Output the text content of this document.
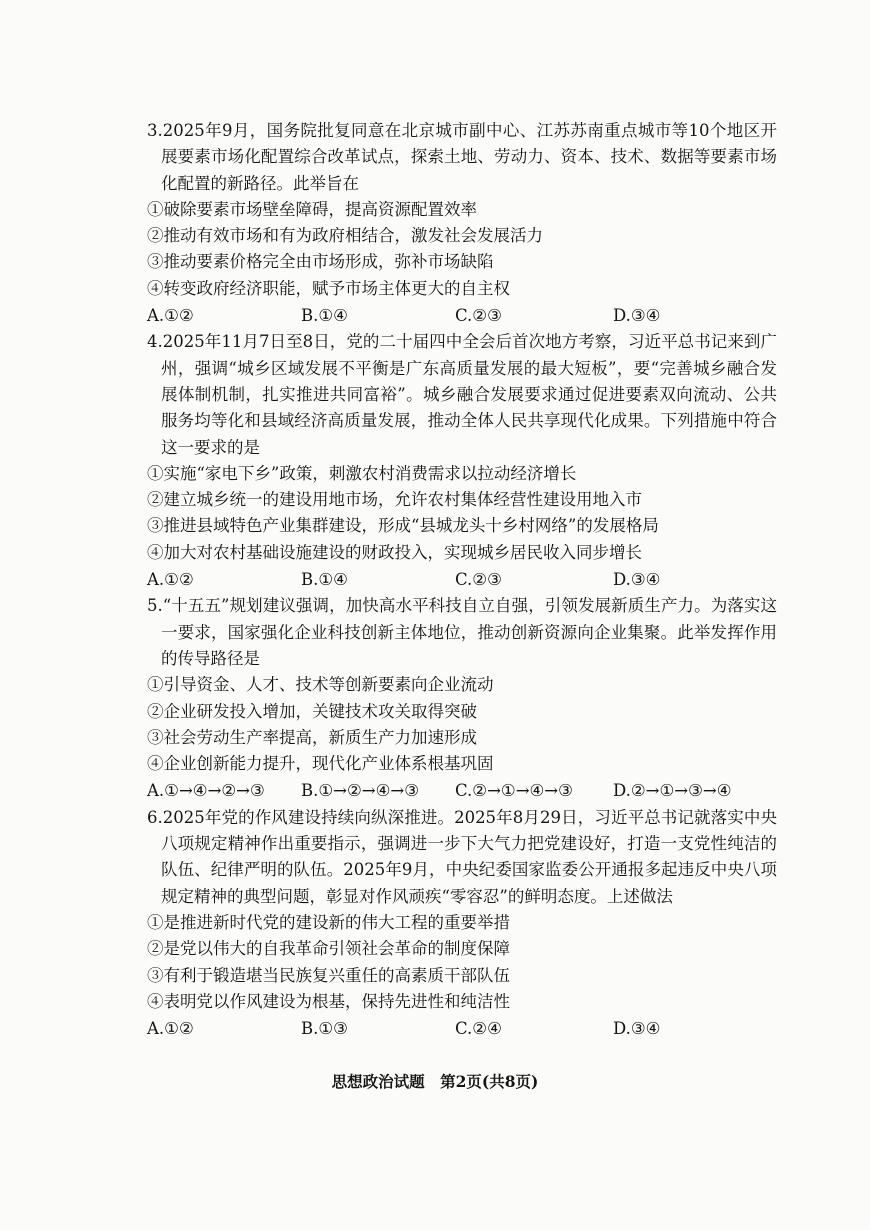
3.2025年9月，国务院批复同意在北京城市副中心、江苏苏南重点城市等10个地区开展要素市场化配置综合改革试点，探索土地、劳动力、资本、技术、数据等要素市场化配置的新路径。此举旨在

①破除要素市场壁垒障碍，提高资源配置效率

②推动有效市场和有为政府相结合，激发社会发展活力

③推动要素价格完全由市场形成，弥补市场缺陷

④转变政府经济职能，赋予市场主体更大的自主权

A.①②	B.①④	C.②③	D.③④

4.2025年11月7日至8日，党的二十届四中全会后首次地方考察，习近平总书记来到广州，强调“城乡区域发展不平衡是广东高质量发展的最大短板”，要“完善城乡融合发展体制机制，扎实推进共同富裕”。城乡融合发展要求通过促进要素双向流动、公共服务均等化和县域经济高质量发展，推动全体人民共享现代化成果。下列措施中符合这一要求的是

①实施“家电下乡”政策，刺激农村消费需求以拉动经济增长

②建立城乡统一的建设用地市场，允许农村集体经营性建设用地入市

③推进县域特色产业集群建设，形成“县城龙头十乡村网络”的发展格局

④加大对农村基础设施建设的财政投入，实现城乡居民收入同步增长

A.①②	B.①④	C.②③	D.③④

5.“十五五”规划建议强调，加快高水平科技自立自强，引领发展新质生产力。为落实这一要求，国家强化企业科技创新主体地位，推动创新资源向企业集聚。此举发挥作用的传导路径是

①引导资金、人才、技术等创新要素向企业流动

②企业研发投入增加，关键技术攻关取得突破

③社会劳动生产率提高，新质生产力加速形成

④企业创新能力提升，现代化产业体系根基巩固

A.①→④→②→③	B.①→②→④→③	C.②→①→④→③	D.②→①→③→④

6.2025年党的作风建设持续向纵深推进。2025年8月29日，习近平总书记就落实中央八项规定精神作出重要指示，强调进一步下大气力把党建设好，打造一支党性纯洁的队伍、纪律严明的队伍。2025年9月，中央纪委国家监委公开通报多起违反中央八项规定精神的典型问题，彰显对作风顽疾“零容忍”的鲜明态度。上述做法

①是推进新时代党的建设新的伟大工程的重要举措

②是党以伟大的自我革命引领社会革命的制度保障

③有利于锻造堪当民族复兴重任的高素质干部队伍

④表明党以作风建设为根基，保持先进性和纯洁性

A.①②	B.①③	C.②④	D.③④
思想政治试题　第2页(共8页)
